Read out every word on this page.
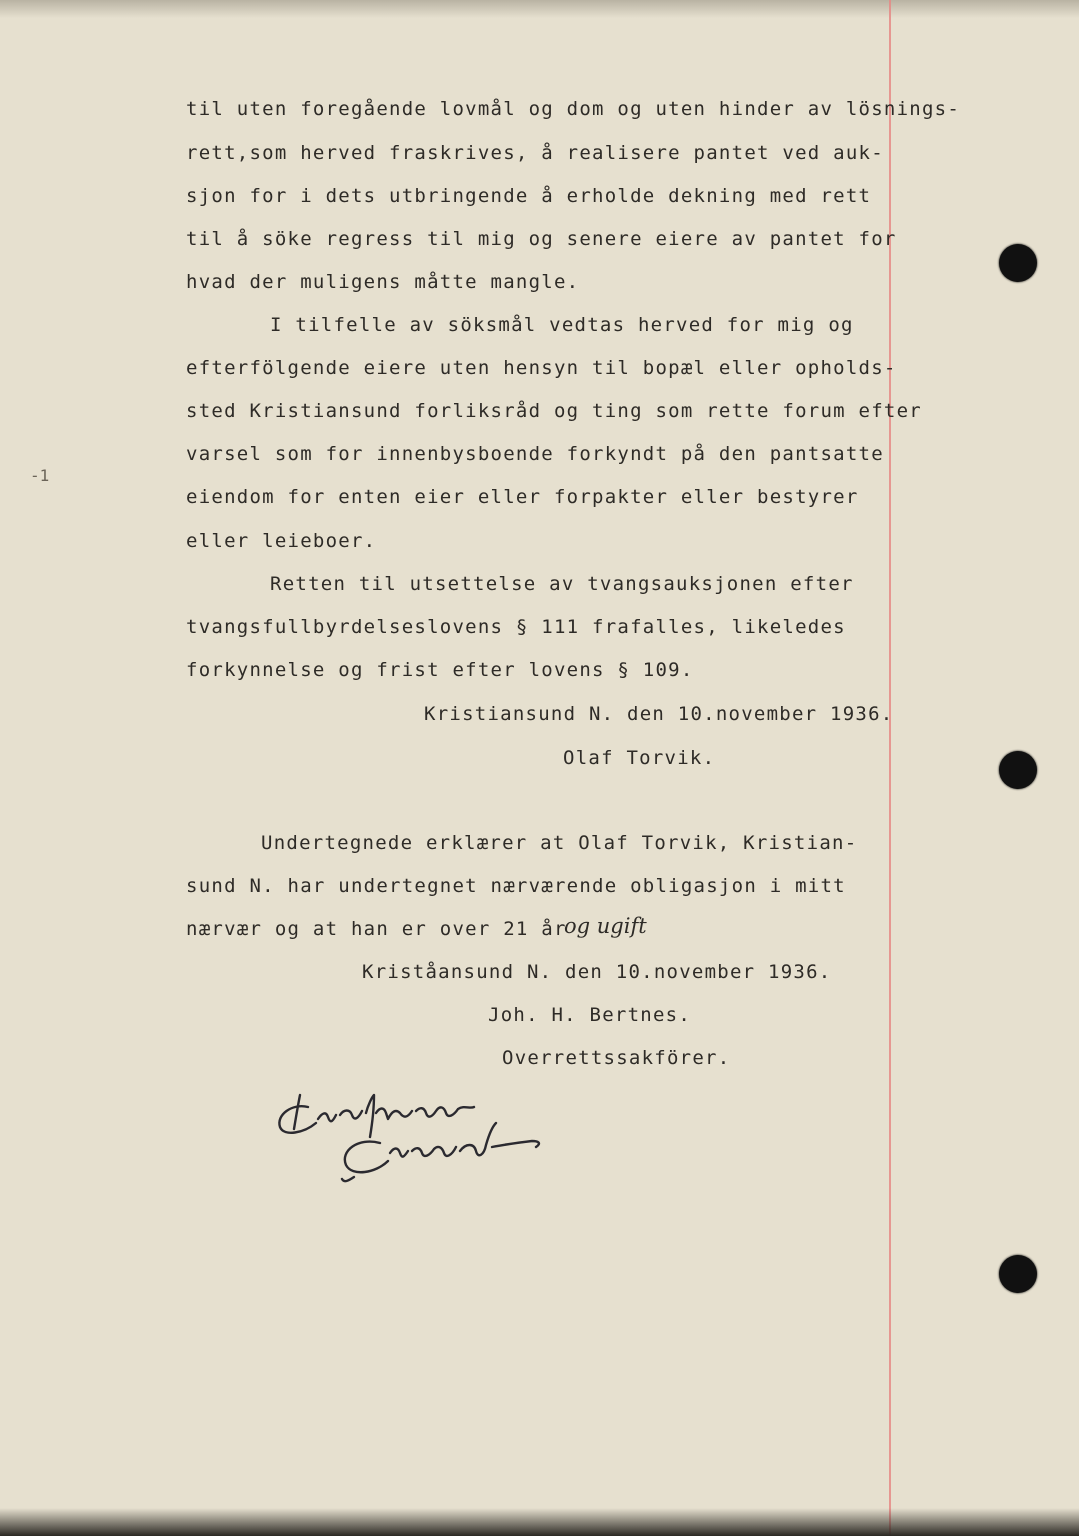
-1
til uten foregående lovmål og dom og uten hinder av lösnings-
rett,som herved fraskrives, å realisere pantet ved auk-
sjon for i dets utbringende å erholde dekning med rett
til å söke regress til mig og senere eiere av pantet for
hvad der muligens måtte mangle.
I tilfelle av söksmål vedtas herved for mig og
efterfölgende eiere uten hensyn til bopæl eller opholds-
sted Kristiansund forliksråd og ting som rette forum efter
varsel som for innenbysboende forkyndt på den pantsatte
eiendom for enten eier eller forpakter eller bestyrer
eller leieboer.
Retten til utsettelse av tvangsauksjonen efter
tvangsfullbyrdelseslovens § 111 frafalles, likeledes
forkynnelse og frist efter lovens § 109.
Kristiansund N. den 10.november 1936.
Olaf Torvik.
Undertegnede erklærer at Olaf Torvik, Kristian-
sund N. har undertegnet nærværende obligasjon i mitt
nærvær og at han er over 21 år
og ugift
Kriståansund N. den 10.november 1936.
Joh. H. Bertnes.
Overrettssakförer.
